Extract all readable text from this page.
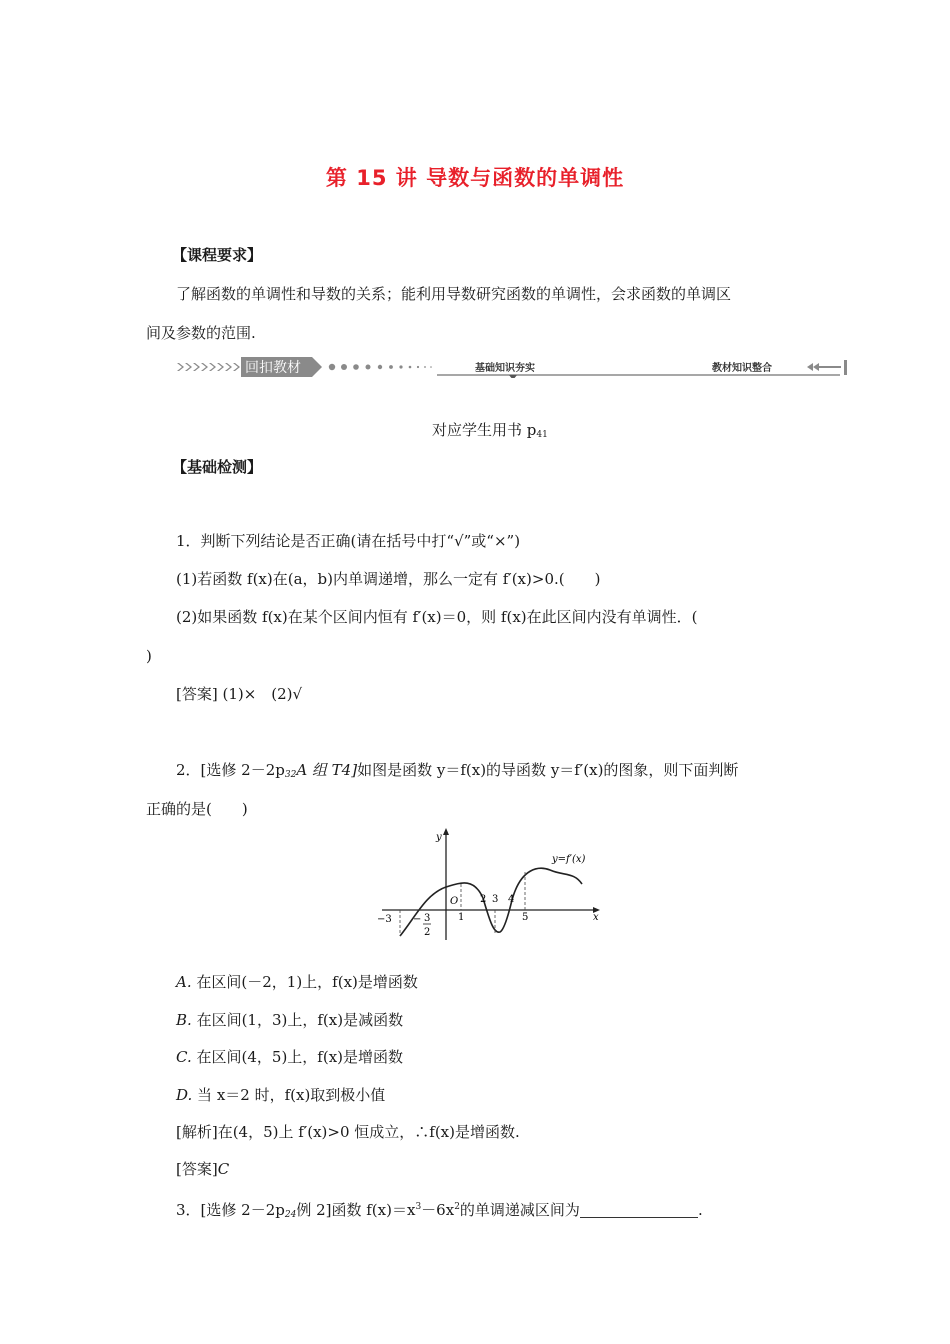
第 15 讲 导数与函数的单调性
【课程要求】
了解函数的单调性和导数的关系；能利用导数研究函数的单调性，会求函数的单调区
间及参数的范围.
回扣教材	基础知识夯实	教材知识整合
对应学生用书 $p_{41}$
【基础检测】
1．判断下列结论是否正确(请在括号中打“√”或“×”)
(1)若函数 f(x)在(a，b)内单调递增，那么一定有 f′(x)>0.(　　)
(2)如果函数 f(x)在某个区间内恒有 f′(x)＝0，则 f(x)在此区间内没有单调性．(
)
[答案] (1)×　(2)√
2．[选修 $2-2p_{32}A$ 组 T4]如图是函数 y＝f(x)的导函数 y＝f′(x)的图象，则下面判断
正确的是(　　)
y
x
O
y=f′(x)
−3 − 3
2
1
2 3 4
5
A. 在区间(－2，1)上，f(x)是增函数
B. 在区间(1，3)上，f(x)是减函数
C. 在区间(4，5)上，f(x)是增函数
D. 当 x＝2 时，f(x)取到极小值
[解析]在(4，5)上 f′(x)>0 恒成立，∴f(x)是增函数.
[答案]C
3．[选修 $2-2p_{24}$例 2]函数 $f(x)=x^3-6x^2$的单调递减区间为	.
